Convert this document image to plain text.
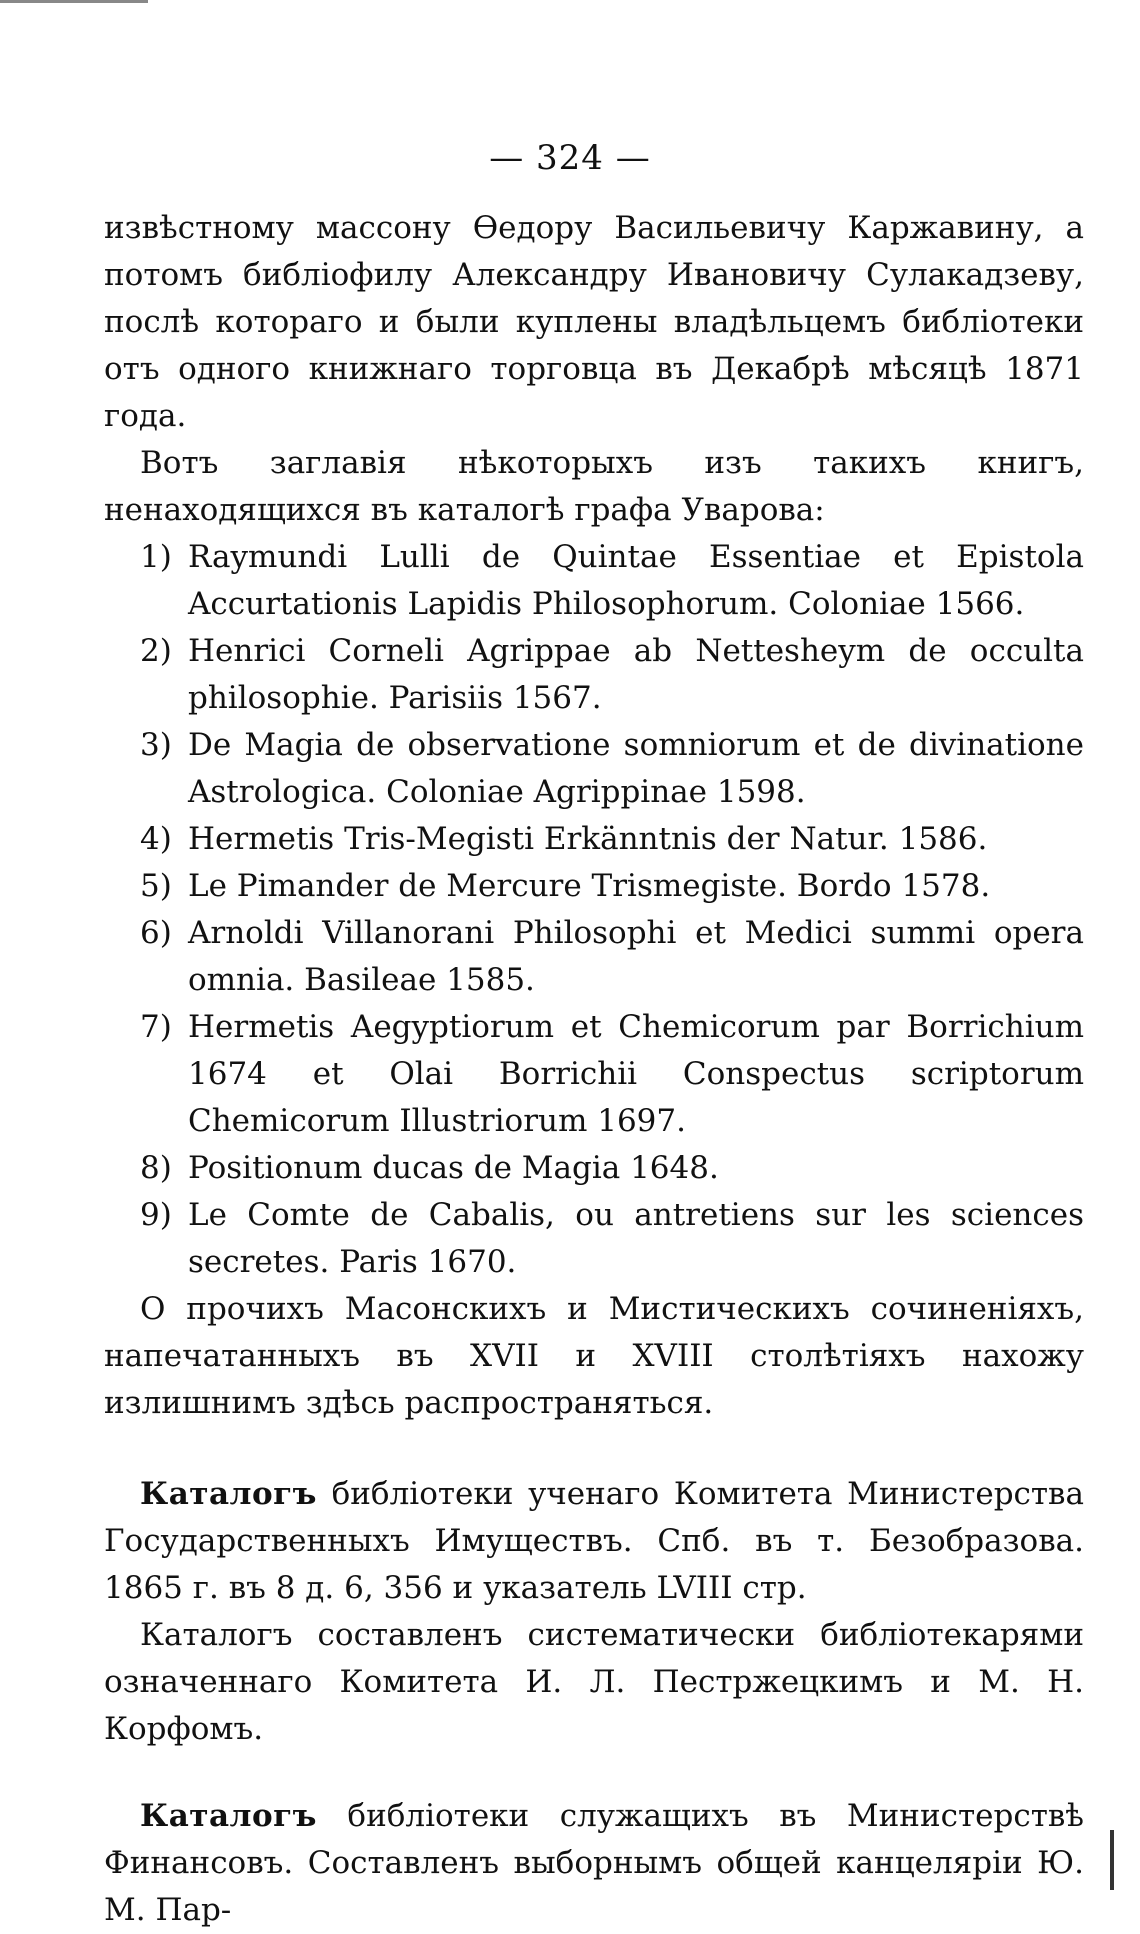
— 324 —

извѣстному масcону Ѳедору Васильевичу Каржавину, а потомъ библіофилу Александру Ивановичу Сулакадзеву, послѣ котораго и были куплены владѣльцемъ библіотеки отъ одного книжнаго торговца въ Декабрѣ мѣсяцѣ 1871 года.

Вотъ заглавія нѣкоторыхъ изъ такихъ книгъ, ненаходящихся въ каталогѣ графа Уварова:

1) Raymundi Lulli de Quintae Essentiae et Epistola Accurtationis Lapidis Philosophorum. Coloniae 1566.
2) Henrici Corneli Agrippae ab Nettesheym de occulta philosophie. Parisiis 1567.
3) De Magia de observatione somniorum et de divinatione Astrologica. Coloniae Agrippinae 1598.
4) Hermetis Tris-Megisti Erkänntnis der Natur. 1586.
5) Le Pimander de Mercure Trismegiste. Bordo 1578.
6) Arnoldi Villanorani Philosophi et Medici summi opera omnia. Basileae 1585.
7) Hermetis Aegyptiorum et Chemicorum par Borrichium 1674 et Olai Borrichii Conspectus scriptorum Chemicorum Illustriorum 1697.
8) Positionum ducas de Magia 1648.
9) Le Comte de Cabalis, ou antretiens sur les sciences secretes. Paris 1670.

О прочихъ Масонскихъ и Мистическихъ сочиненіяхъ, напечатанныхъ въ XVII и XVIII столѣтіяхъ нахожу излишнимъ здѣсь распространяться.

Каталогъ библіотеки ученаго Комитета Министерства Государственныхъ Имуществъ. Спб. въ т. Безобразова. 1865 г. въ 8 д. 6, 356 и указатель LVIII стр.

Каталогъ составленъ систематически библіотекарями означеннаго Комитета И. Л. Пестржецкимъ и М. Н. Корфомъ.

Каталогъ библіотеки служащихъ въ Министерствѣ Финансовъ. Составленъ выборнымъ общей канцеляріи Ю. М. Пар-
